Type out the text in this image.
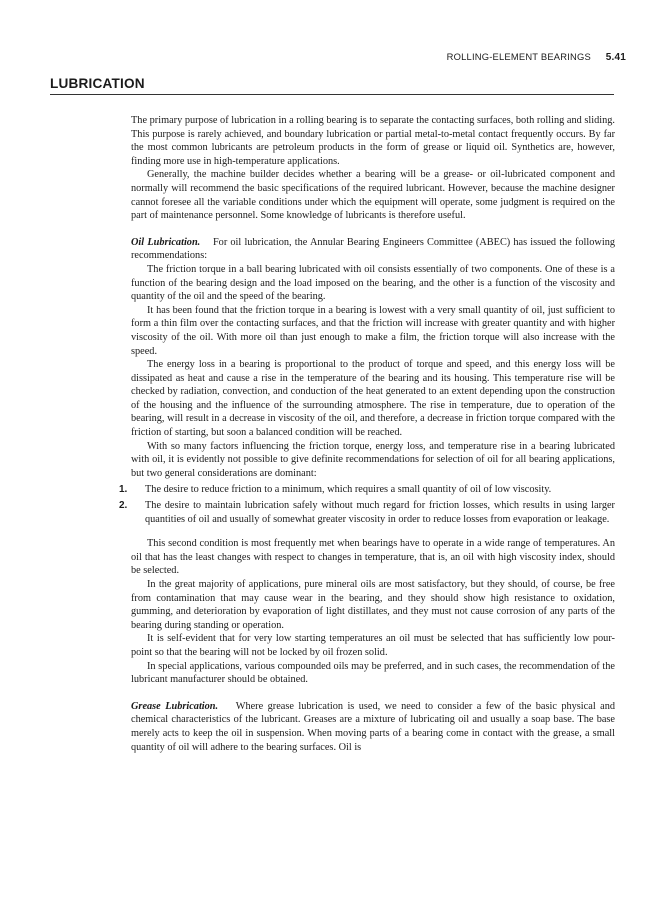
ROLLING-ELEMENT BEARINGS 5.41
LUBRICATION

The primary purpose of lubrication in a rolling bearing is to separate the contacting surfaces, both rolling and sliding. This purpose is rarely achieved, and boundary lubrication or partial metal-to-metal contact frequently occurs. By far the most common lubricants are petroleum products in the form of grease or liquid oil. Synthetics are, however, finding more use in high-temperature applications.

Generally, the machine builder decides whether a bearing will be a grease- or oil-lubricated component and normally will recommend the basic specifications of the required lubricant. However, because the machine designer cannot foresee all the variable conditions under which the equipment will operate, some judgment is required on the part of maintenance personnel. Some knowledge of lubricants is therefore useful.

Oil Lubrication. For oil lubrication, the Annular Bearing Engineers Committee (ABEC) has issued the following recommendations:

The friction torque in a ball bearing lubricated with oil consists essentially of two components. One of these is a function of the bearing design and the load imposed on the bearing, and the other is a function of the viscosity and quantity of the oil and the speed of the bearing.

It has been found that the friction torque in a bearing is lowest with a very small quantity of oil, just sufficient to form a thin film over the contacting surfaces, and that the friction will increase with greater quantity and with higher viscosity of the oil. With more oil than just enough to make a film, the friction torque will also increase with the speed.

The energy loss in a bearing is proportional to the product of torque and speed, and this energy loss will be dissipated as heat and cause a rise in the temperature of the bearing and its housing. This temperature rise will be checked by radiation, convection, and conduction of the heat generated to an extent depending upon the construction of the housing and the influence of the surrounding atmosphere. The rise in temperature, due to operation of the bearing, will result in a decrease in viscosity of the oil, and therefore, a decrease in friction torque compared with the friction of starting, but soon a balanced condition will be reached.

With so many factors influencing the friction torque, energy loss, and temperature rise in a bearing lubricated with oil, it is evidently not possible to give definite recommendations for selection of oil for all bearing applications, but two general considerations are dominant:

1. The desire to reduce friction to a minimum, which requires a small quantity of oil of low viscosity.
2. The desire to maintain lubrication safely without much regard for friction losses, which results in using larger quantities of oil and usually of somewhat greater viscosity in order to reduce losses from evaporation or leakage.

This second condition is most frequently met when bearings have to operate in a wide range of temperatures. An oil that has the least changes with respect to changes in temperature, that is, an oil with high viscosity index, should be selected.

In the great majority of applications, pure mineral oils are most satisfactory, but they should, of course, be free from contamination that may cause wear in the bearing, and they should show high resistance to oxidation, gumming, and deterioration by evaporation of light distillates, and they must not cause corrosion of any parts of the bearing during standing or operation.

It is self-evident that for very low starting temperatures an oil must be selected that has sufficiently low pour-point so that the bearing will not be locked by oil frozen solid.

In special applications, various compounded oils may be preferred, and in such cases, the recommendation of the lubricant manufacturer should be obtained.

Grease Lubrication. Where grease lubrication is used, we need to consider a few of the basic physical and chemical characteristics of the lubricant. Greases are a mixture of lubricating oil and usually a soap base. The base merely acts to keep the oil in suspension. When moving parts of a bearing come in contact with the grease, a small quantity of oil will adhere to the bearing surfaces. Oil is
